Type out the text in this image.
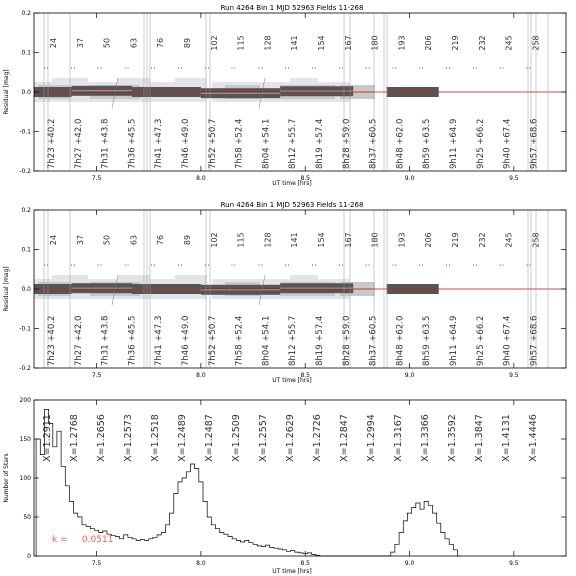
Run 4264 Bin 1 MJD 52963 Fields 11-268
24
:
37
:
50
:
63
:
76
:
89
:
102
:
115
:
128
:
141
:
154
:
167
:
180
:
193
:
206
:
219
:
232
:
245
:
258
:
7h23 +40.2 7h27 +42.0 7h31 +43.8 7h36 +45.5 7h41 +47.3 7h46 +49.0 7h52 +50.7 7h58 +52.4 8h04 +54.1 8h12 +55.7 8h19 +57.4 8h28 +59.0 8h37 +60.5 8h48 +62.0 8h59 +63.5 9h11 +64.9 9h25 +66.2 9h40 +67.4 9h57 +68.6
7.5	8.0	8.5	9.0	9.5
-0.2
-0.1
0.0
0.1
0.2
UT time [hrs]
Residual [mag]
Run 4264 Bin 1 MJD 52963 Fields 11-268
24
:
37
:
50
:
63
:
76
:
89
:
102
:
115
:
128
:
141
:
154
:
167
:
180
:
193
:
206
:
219
:
232
:
245
:
258
:
7h23 +40.2 7h27 +42.0 7h31 +43.8 7h36 +45.5 7h41 +47.3 7h46 +49.0 7h52 +50.7 7h58 +52.4 8h04 +54.1 8h12 +55.7 8h19 +57.4 8h28 +59.0 8h37 +60.5 8h48 +62.0 8h59 +63.5 9h11 +64.9 9h25 +66.2 9h40 +67.4 9h57 +68.6
7.5	8.0	8.5	9.0	9.5
-0.2
-0.1
0.0
0.1
0.2
UT time [hrs]
Residual [mag]
X=1.2911 X=1.2768 X=1.2656 X=1.2573 X=1.2518 X=1.2489 X=1.2487 X=1.2509 X=1.2557 X=1.2629 X=1.2726 X=1.2847 X=1.2994 X=1.3167 X=1.3366 X=1.3592 X=1.3847 X=1.4131 X=1.4446
k =     0.0511
7.5	8.0	8.5	9.0	9.5
0
50
100
150
200
UT time [hrs]
Number of Stars
